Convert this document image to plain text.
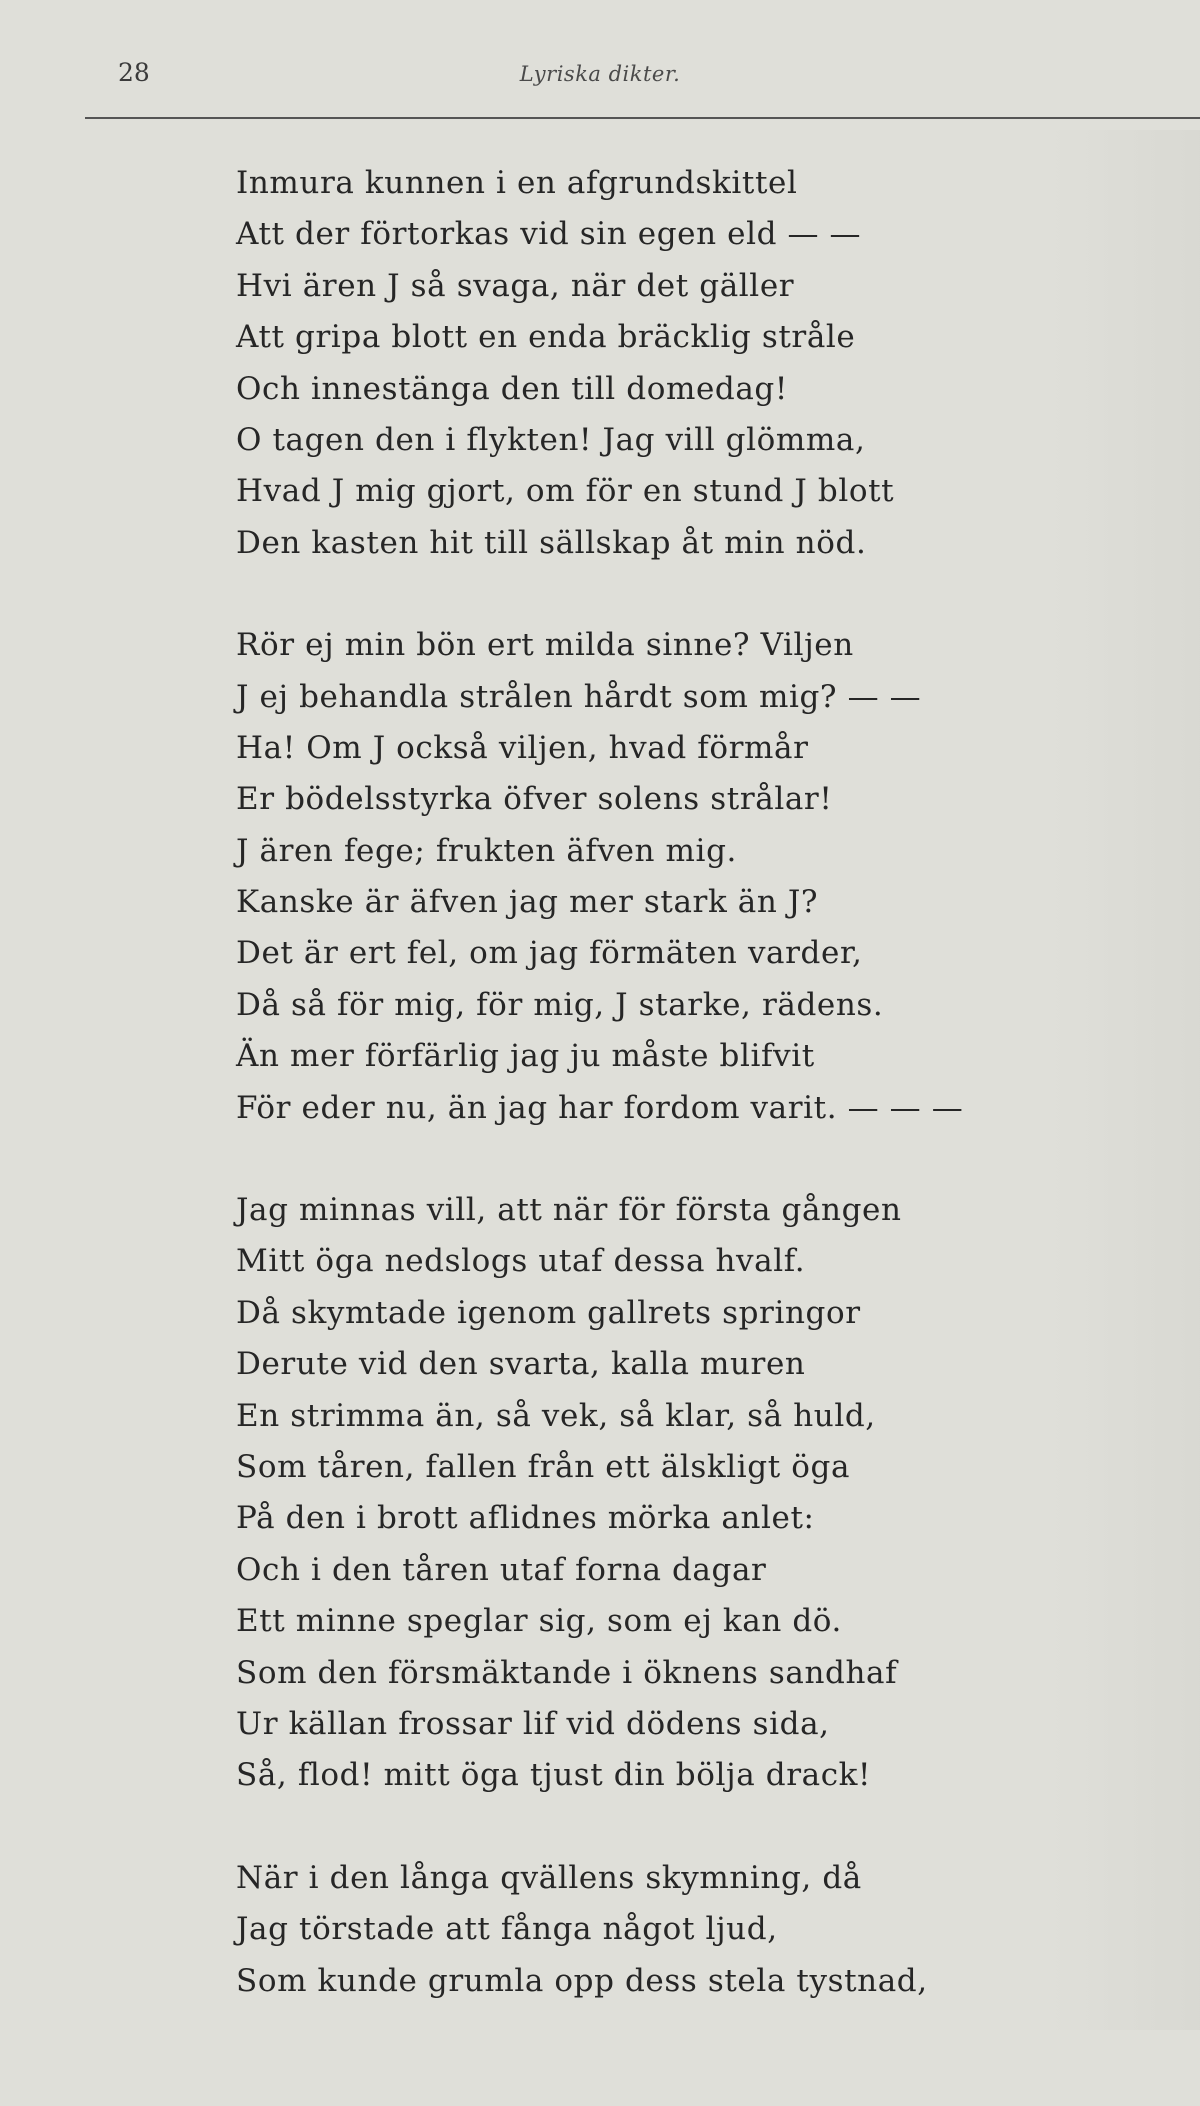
28	Lyriska dikter.
Inmura kunnen i en afgrundskittel
Att der förtorkas vid sin egen eld — —
Hvi ären J så svaga, när det gäller
Att gripa blott en enda bräcklig stråle
Och innestänga den till domedag!
O tagen den i flykten! Jag vill glömma,
Hvad J mig gjort, om för en stund J blott
Den kasten hit till sällskap åt min nöd.
Rör ej min bön ert milda sinne? Viljen
J ej behandla strålen hårdt som mig? — —
Ha! Om J också viljen, hvad förmår
Er bödelsstyrka öfver solens strålar!
J ären fege; frukten äfven mig.
Kanske är äfven jag mer stark än J?
Det är ert fel, om jag förmäten varder,
Då så för mig, för mig, J starke, rädens.
Än mer förfärlig jag ju måste blifvit
För eder nu, än jag har fordom varit. — — —
Jag minnas vill, att när för första gången
Mitt öga nedslogs utaf dessa hvalf.
Då skymtade igenom gallrets springor
Derute vid den svarta, kalla muren
En strimma än, så vek, så klar, så huld,
Som tåren, fallen från ett älskligt öga
På den i brott aflidnes mörka anlet:
Och i den tåren utaf forna dagar
Ett minne speglar sig, som ej kan dö.
Som den försmäktande i öknens sandhaf
Ur källan frossar lif vid dödens sida,
Så, flod! mitt öga tjust din bölja drack!
När i den långa qvällens skymning, då
Jag törstade att fånga något ljud,
Som kunde grumla opp dess stela tystnad,
